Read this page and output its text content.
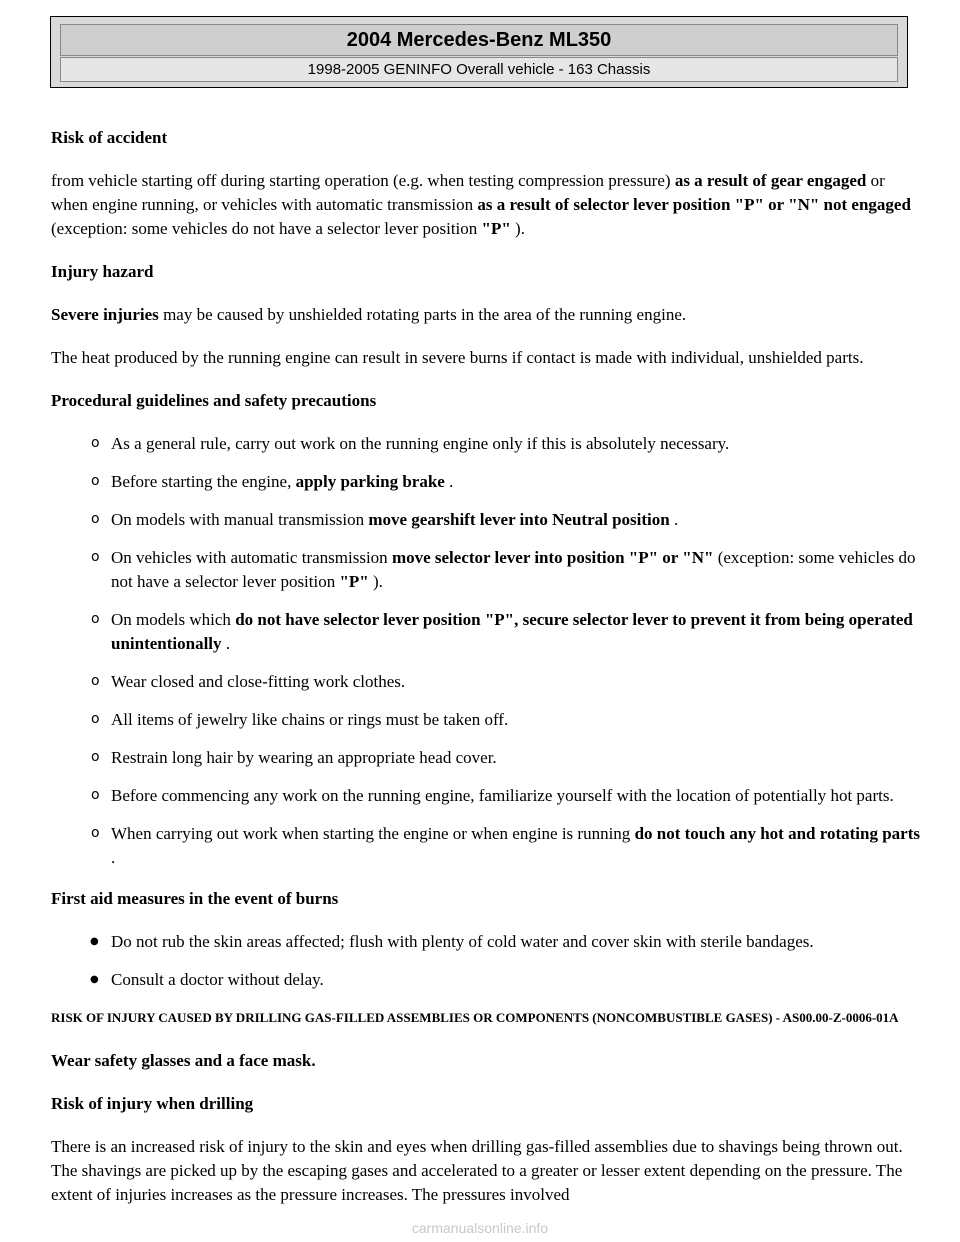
2004 Mercedes-Benz ML350
1998-2005 GENINFO Overall vehicle - 163 Chassis

Risk of accident

from vehicle starting off during starting operation (e.g. when testing compression pressure) as a result of gear engaged or when engine running, or vehicles with automatic transmission as a result of selector lever position "P" or "N" not engaged (exception: some vehicles do not have a selector lever position "P" ).

Injury hazard

Severe injuries may be caused by unshielded rotating parts in the area of the running engine.

The heat produced by the running engine can result in severe burns if contact is made with individual, unshielded parts.

Procedural guidelines and safety precautions

o As a general rule, carry out work on the running engine only if this is absolutely necessary.
o Before starting the engine, apply parking brake .
o On models with manual transmission move gearshift lever into Neutral position .
o On vehicles with automatic transmission move selector lever into position "P" or "N" (exception: some vehicles do not have a selector lever position "P" ).
o On models which do not have selector lever position "P", secure selector lever to prevent it from being operated unintentionally .
o Wear closed and close-fitting work clothes.
o All items of jewelry like chains or rings must be taken off.
o Restrain long hair by wearing an appropriate head cover.
o Before commencing any work on the running engine, familiarize yourself with the location of potentially hot parts.
o When carrying out work when starting the engine or when engine is running do not touch any hot and rotating parts .

First aid measures in the event of burns

● Do not rub the skin areas affected; flush with plenty of cold water and cover skin with sterile bandages.
● Consult a doctor without delay.

RISK OF INJURY CAUSED BY DRILLING GAS-FILLED ASSEMBLIES OR COMPONENTS (NONCOMBUSTIBLE GASES) - AS00.00-Z-0006-01A

Wear safety glasses and a face mask.

Risk of injury when drilling

There is an increased risk of injury to the skin and eyes when drilling gas-filled assemblies due to shavings being thrown out. The shavings are picked up by the escaping gases and accelerated to a greater or lesser extent depending on the pressure. The extent of injuries increases as the pressure increases. The pressures involved

carmanualsonline.info
